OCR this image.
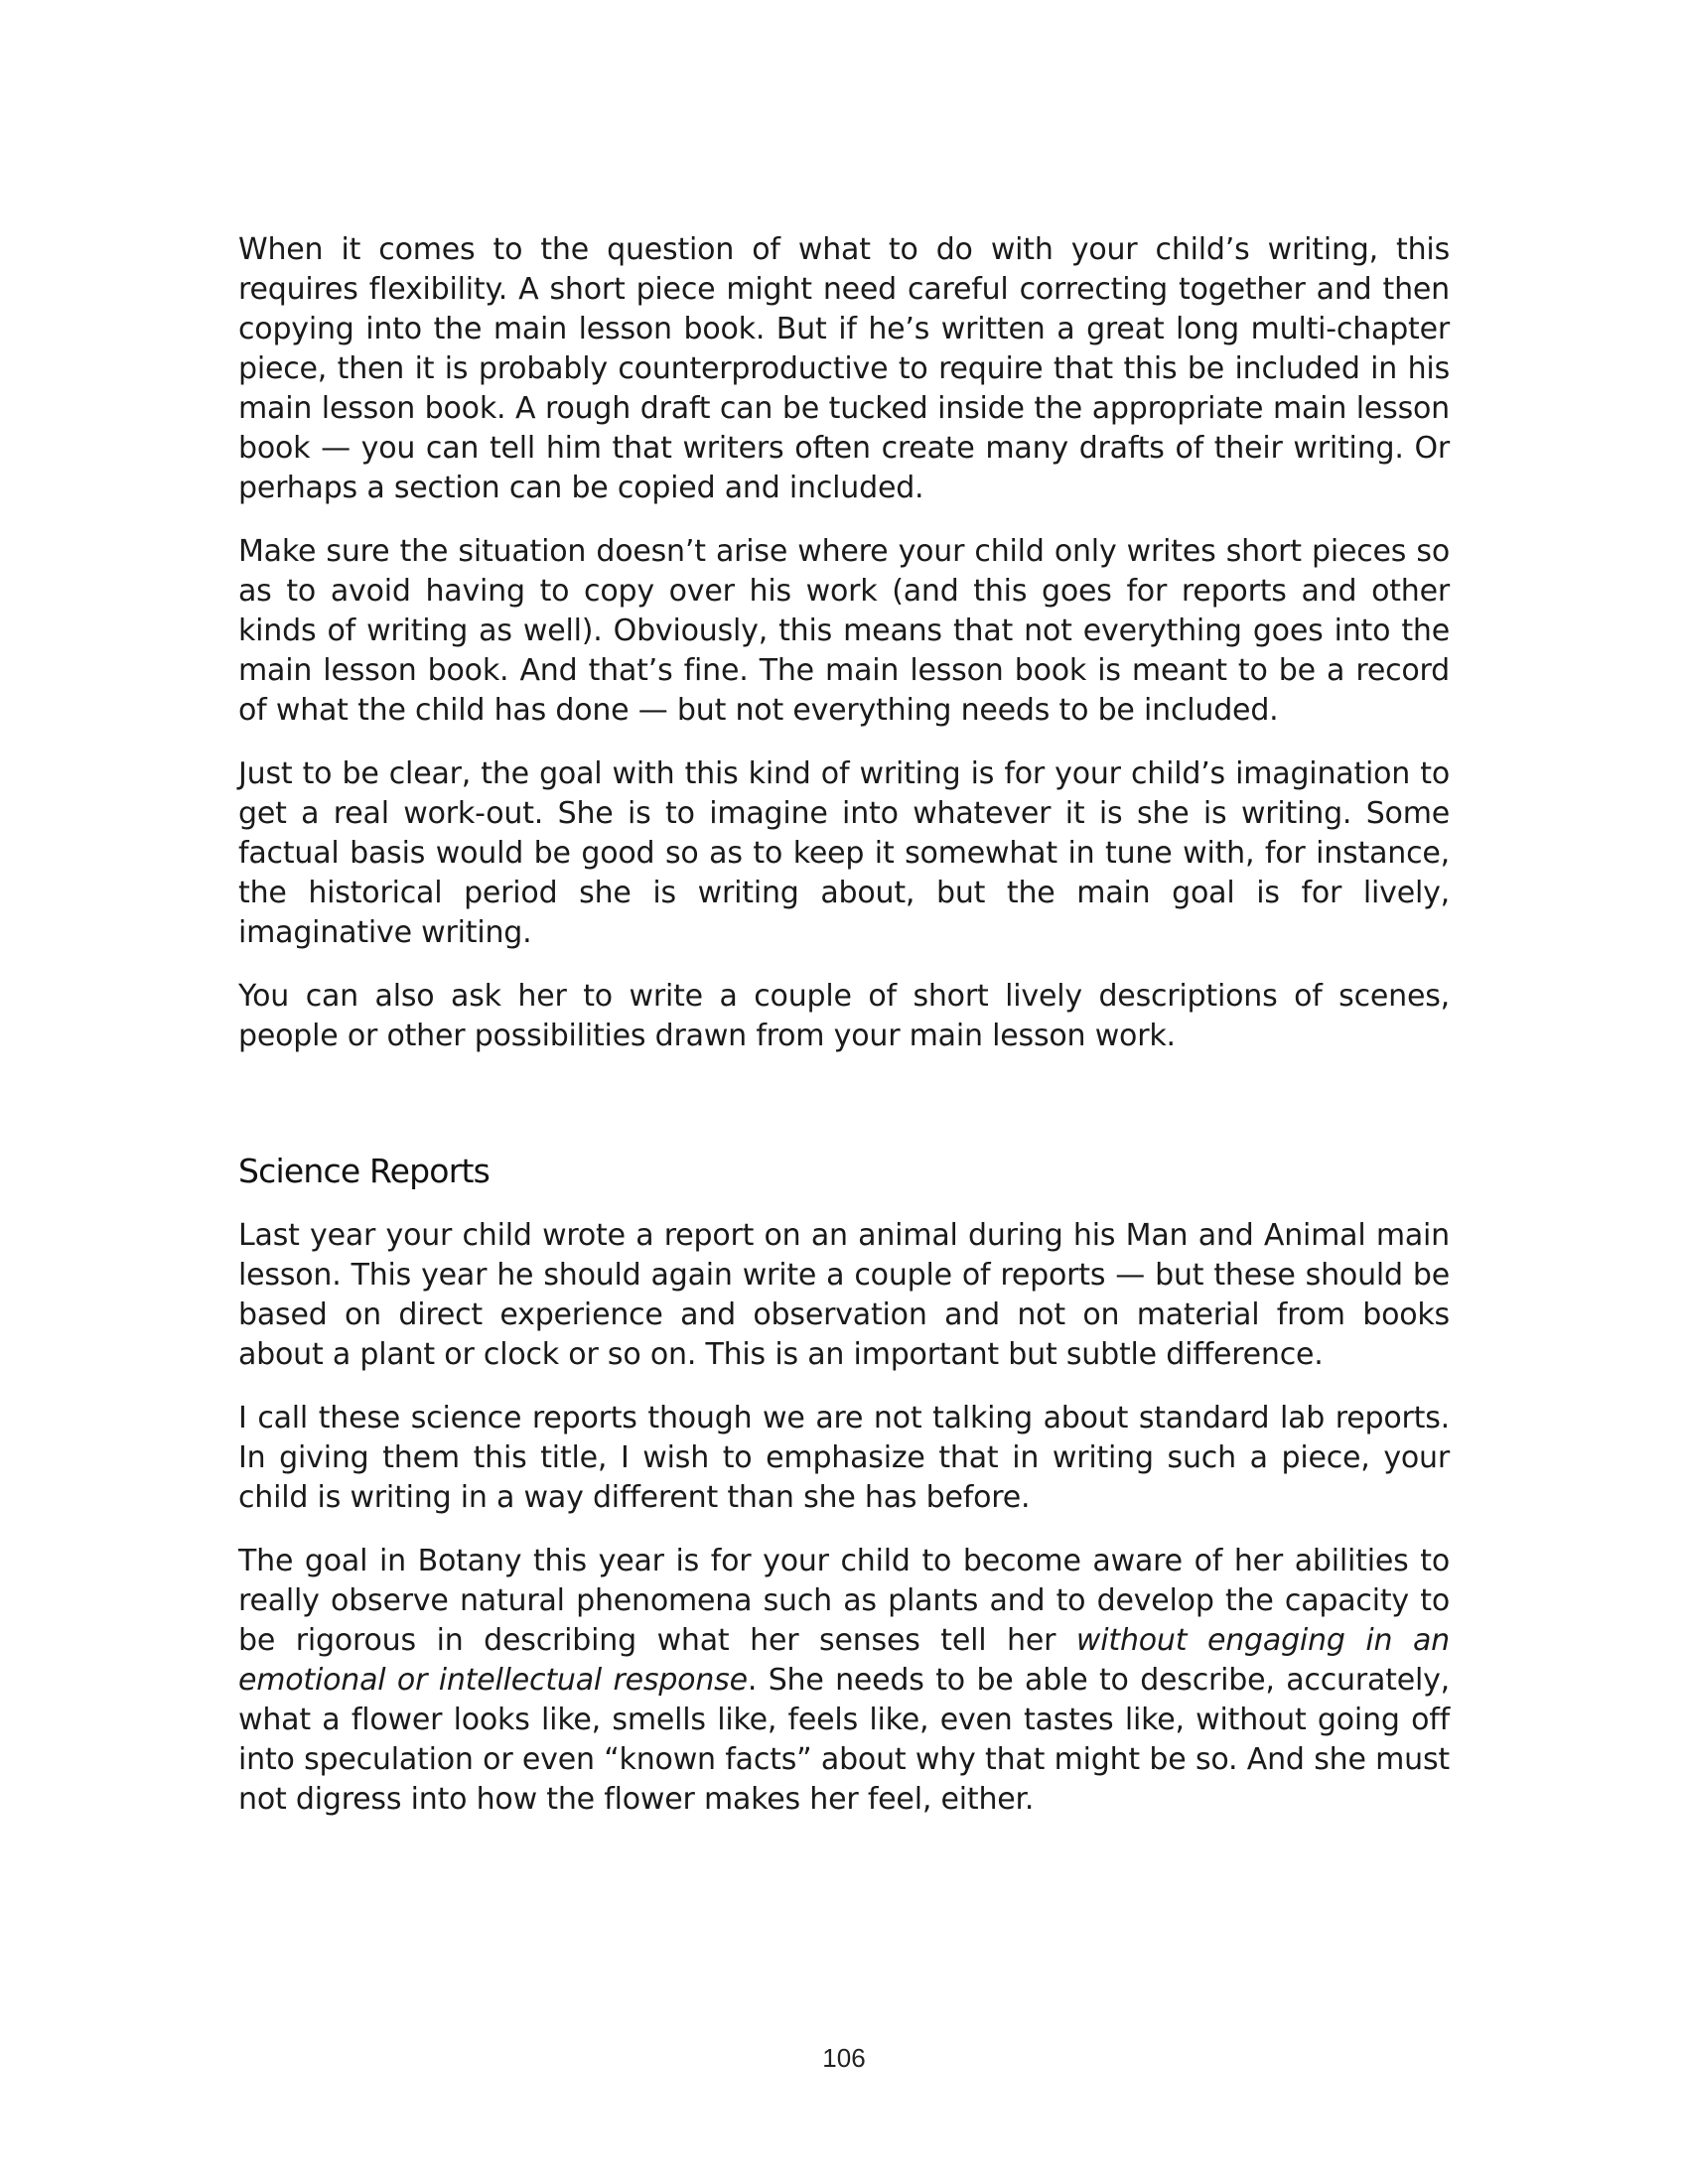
When it comes to the question of what to do with your child’s writing, this requires flexibility. A short piece might need careful correcting together and then copying into the main lesson book. But if he’s written a great long multi-chapter piece, then it is probably counterproductive to require that this be included in his main lesson book. A rough draft can be tucked inside the appropriate main lesson book — you can tell him that writers often create many drafts of their writing. Or perhaps a section can be copied and included.

Make sure the situation doesn’t arise where your child only writes short pieces so as to avoid having to copy over his work (and this goes for reports and other kinds of writing as well). Obviously, this means that not everything goes into the main lesson book. And that’s fine. The main lesson book is meant to be a record of what the child has done — but not everything needs to be included.

Just to be clear, the goal with this kind of writing is for your child’s imagination to get a real work-out. She is to imagine into whatever it is she is writing. Some factual basis would be good so as to keep it somewhat in tune with, for instance, the historical period she is writing about, but the main goal is for lively, imaginative writing.

You can also ask her to write a couple of short lively descriptions of scenes, people or other possibilities drawn from your main lesson work.

Science Reports

Last year your child wrote a report on an animal during his Man and Animal main lesson. This year he should again write a couple of reports — but these should be based on direct experience and observation and not on material from books about a plant or clock or so on. This is an important but subtle difference.

I call these science reports though we are not talking about standard lab reports. In giving them this title, I wish to emphasize that in writing such a piece, your child is writing in a way different than she has before.

The goal in Botany this year is for your child to become aware of her abilities to really observe natural phenomena such as plants and to develop the capacity to be rigorous in describing what her senses tell her without engaging in an emotional or intellectual response. She needs to be able to describe, accurately, what a flower looks like, smells like, feels like, even tastes like, without going off into speculation or even “known facts” about why that might be so. And she must not digress into how the flower makes her feel, either.

106
